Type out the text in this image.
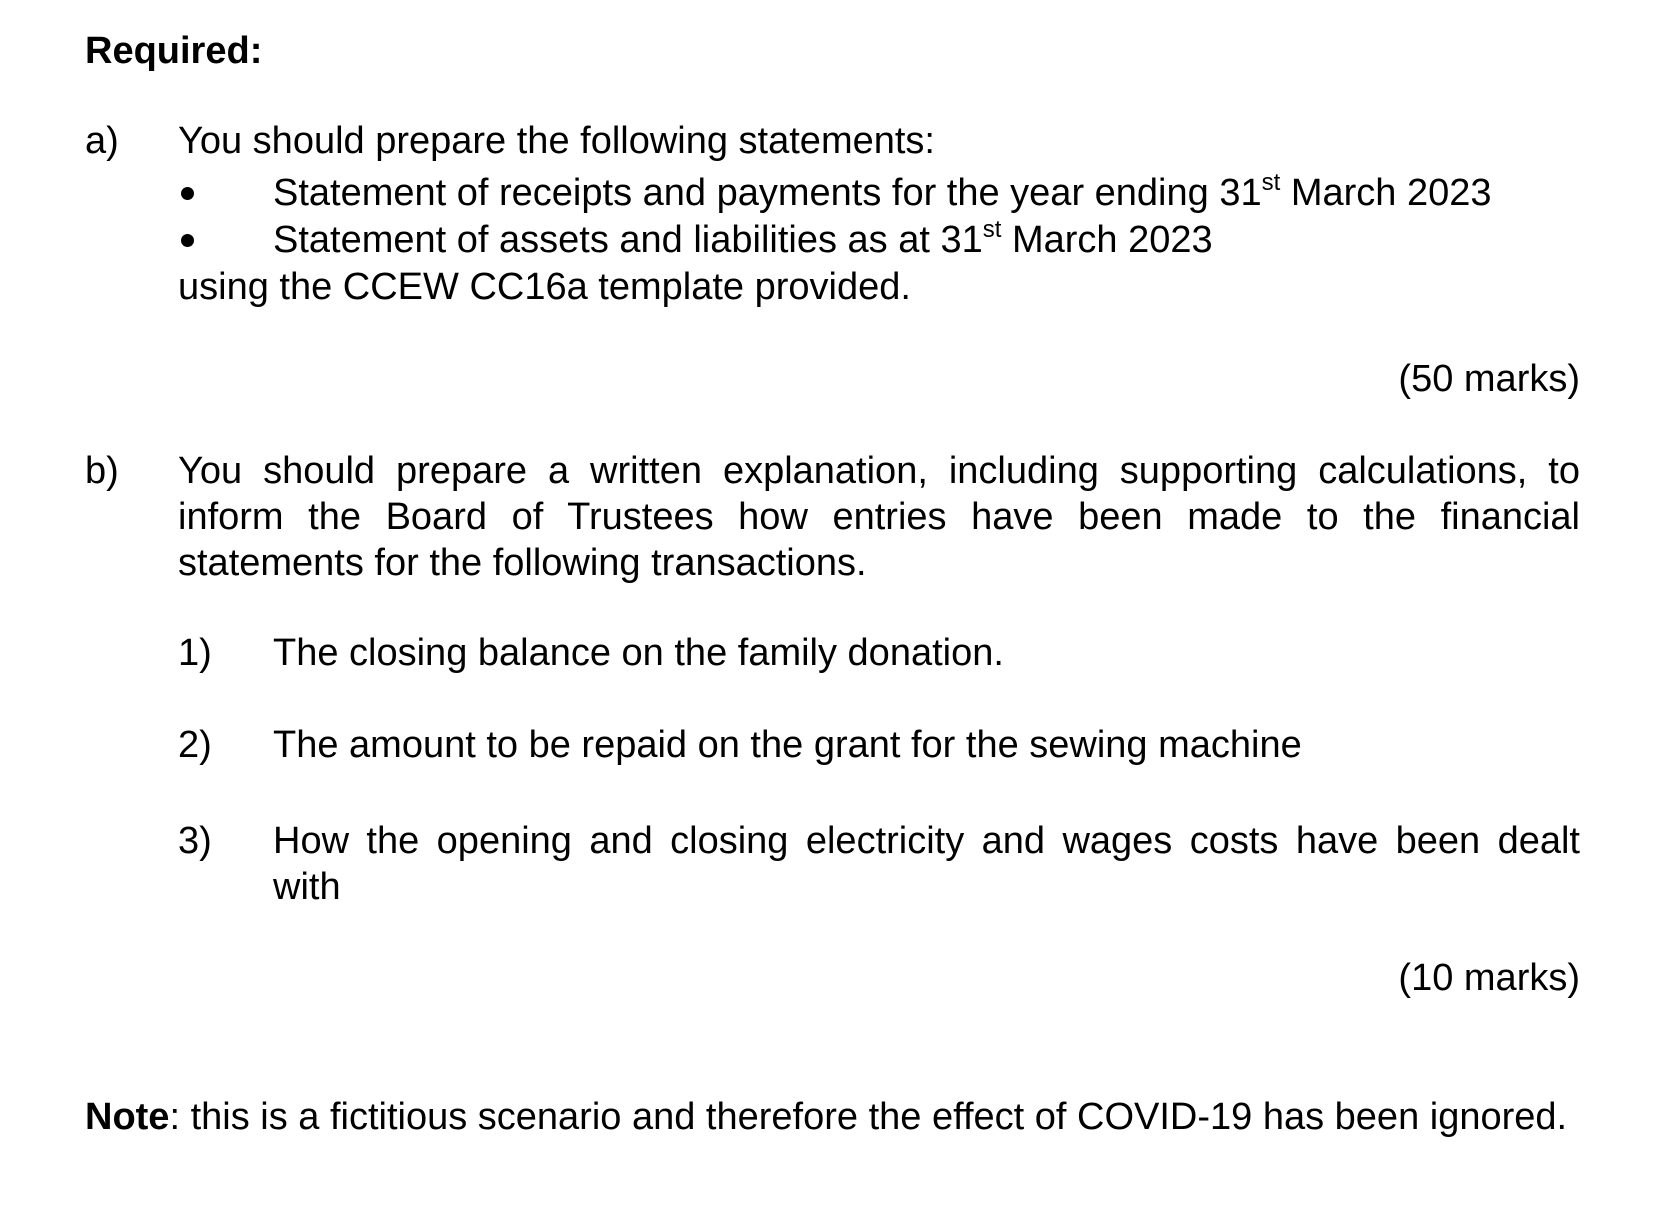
Required:
a) You should prepare the following statements:
Statement of receipts and payments for the year ending 31st March 2023
Statement of assets and liabilities as at 31st March 2023
using the CCEW CC16a template provided.
(50 marks)
b) You should prepare a written explanation, including supporting calculations, to inform the Board of Trustees how entries have been made to the financial statements for the following transactions.
1) The closing balance on the family donation.
2) The amount to be repaid on the grant for the sewing machine
3) How the opening and closing electricity and wages costs have been dealt with
(10 marks)
Note: this is a fictitious scenario and therefore the effect of COVID-19 has been ignored.
